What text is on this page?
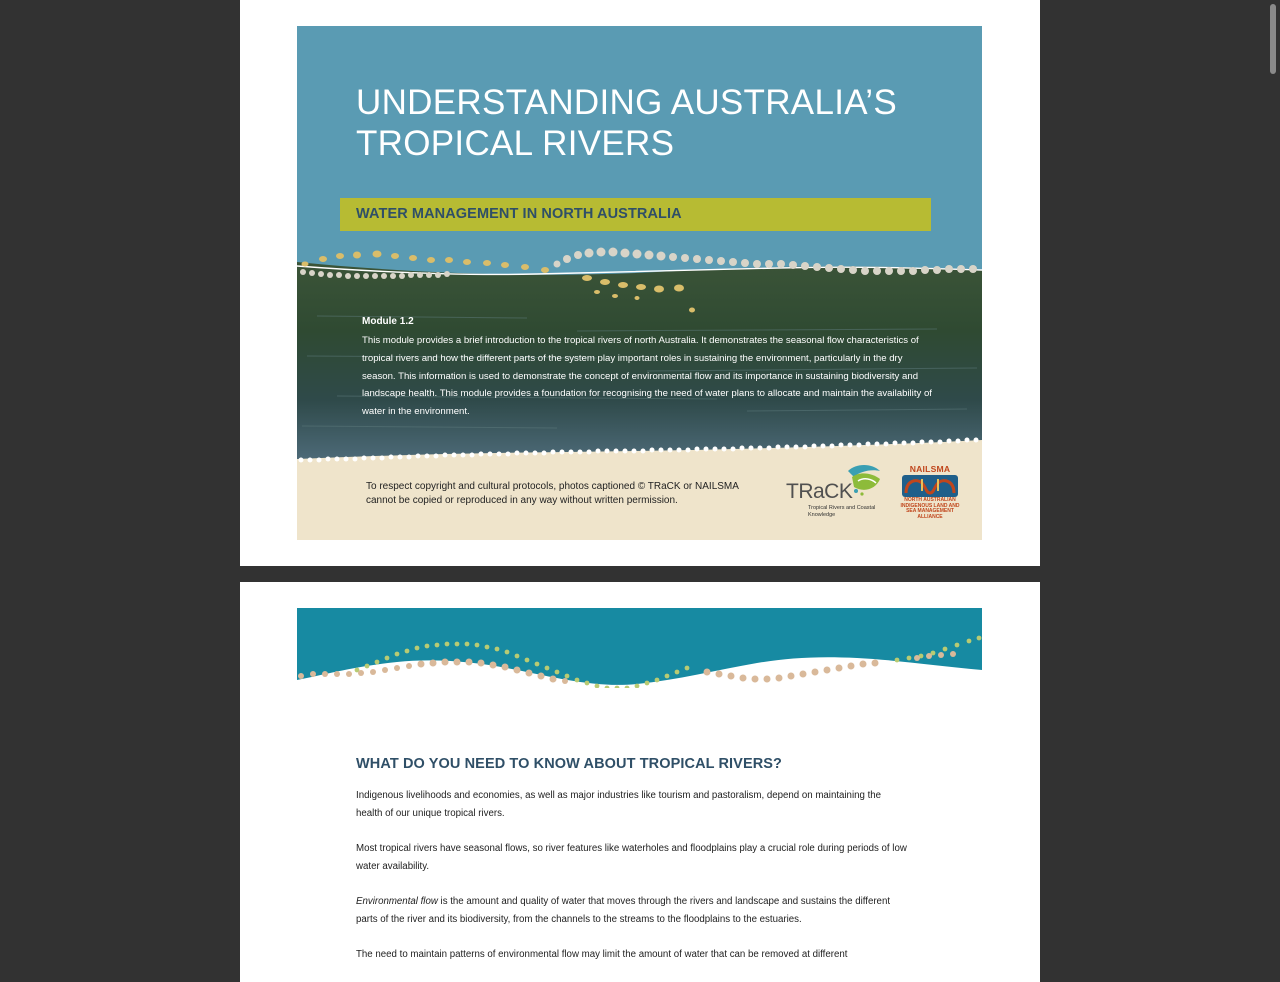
UNDERSTANDING AUSTRALIA’S
TROPICAL RIVERS
WATER MANAGEMENT IN NORTH AUSTRALIA
Module 1.2

This module provides a brief introduction to the tropical rivers of north Australia. It demonstrates the seasonal flow characteristics of tropical rivers and how the different parts of the system play important roles in sustaining the environment, particularly in the dry season. This information is used to demonstrate the concept of environmental flow and its importance in sustaining biodiversity and landscape health. This module provides a foundation for recognising the need of water plans to allocate and maintain the availability of water in the environment.

To respect copyright and cultural protocols, photos captioned © TRaCK or NAILSMA cannot be copied or reproduced in any way without written permission.	TRaCK

Tropical Rivers and Coastal Knowledge

NAILSMA
NORTH AUSTRALIAN INDIGENOUS LAND AND SEA MANAGEMENT ALLIANCE
WHAT DO YOU NEED TO KNOW ABOUT TROPICAL RIVERS?

Indigenous livelihoods and economies, as well as major industries like tourism and pastoralism, depend on maintaining the health of our unique tropical rivers.

Most tropical rivers have seasonal flows, so river features like waterholes and floodplains play a crucial role during periods of low water availability.

Environmental flow is the amount and quality of water that moves through the rivers and landscape and sustains the different parts of the river and its biodiversity, from the channels to the streams to the floodplains to the estuaries.

The need to maintain patterns of environmental flow may limit the amount of water that can be removed at different
